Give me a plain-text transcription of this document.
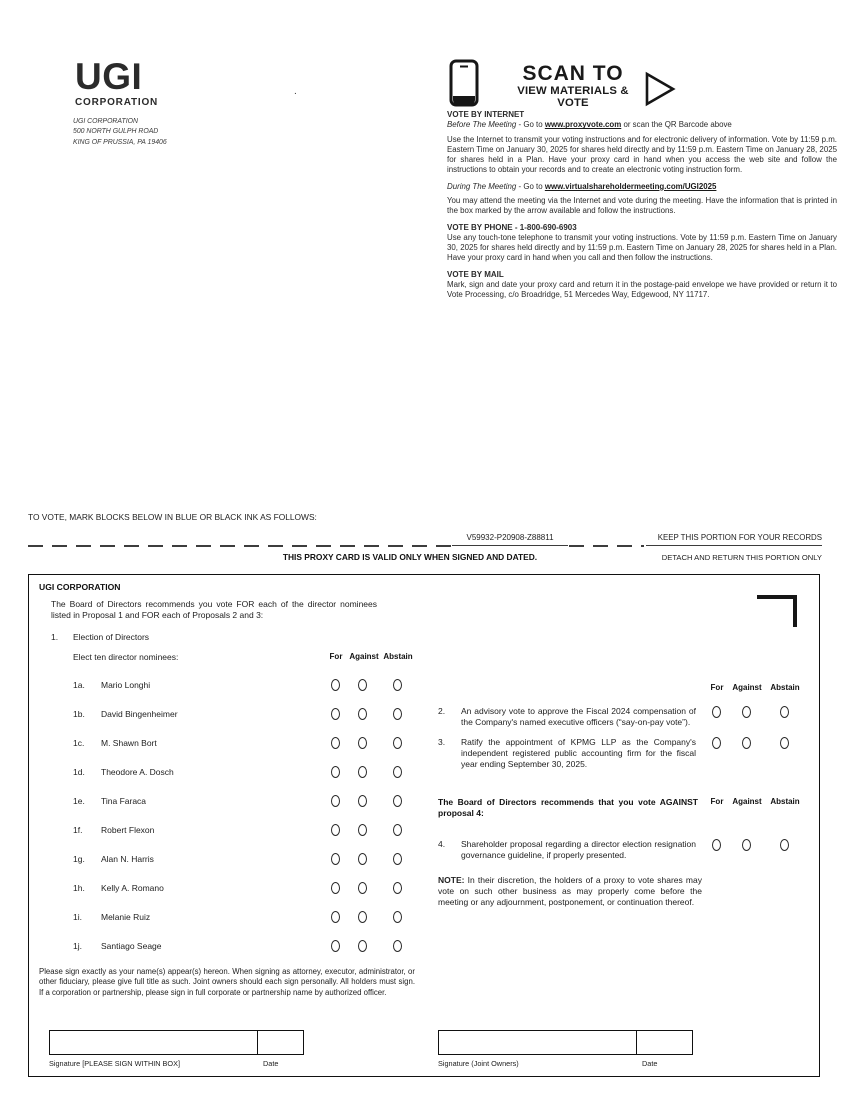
UGI
CORPORATION
UGI CORPORATION
500 NORTH GULPH ROAD
KING OF PRUSSIA, PA 19406
.
SCAN TO
VIEW MATERIALS & VOTE
VOTE BY INTERNET
Before The Meeting - Go to www.proxyvote.com or scan the QR Barcode above
Use the Internet to transmit your voting instructions and for electronic delivery of information. Vote by 11:59 p.m. Eastern Time on January 30, 2025 for shares held directly and by 11:59 p.m. Eastern Time on January 28, 2025 for shares held in a Plan. Have your proxy card in hand when you access the web site and follow the instructions to obtain your records and to create an electronic voting instruction form.
During The Meeting - Go to www.virtualshareholdermeeting.com/UGI2025
You may attend the meeting via the Internet and vote during the meeting. Have the information that is printed in the box marked by the arrow available and follow the instructions.
VOTE BY PHONE - 1-800-690-6903
Use any touch-tone telephone to transmit your voting instructions. Vote by 11:59 p.m. Eastern Time on January 30, 2025 for shares held directly and by 11:59 p.m. Eastern Time on January 28, 2025 for shares held in a Plan. Have your proxy card in hand when you call and then follow the instructions.
VOTE BY MAIL
Mark, sign and date your proxy card and return it in the postage-paid envelope we have provided or return it to Vote Processing, c/o Broadridge, 51 Mercedes Way, Edgewood, NY 11717.
TO VOTE, MARK BLOCKS BELOW IN BLUE OR BLACK INK AS FOLLOWS:
V59932-P20908-Z88811	KEEP THIS PORTION FOR YOUR RECORDS
THIS PROXY CARD IS VALID ONLY WHEN SIGNED AND DATED.	DETACH AND RETURN THIS PORTION ONLY
UGI CORPORATION
The Board of Directors recommends you vote FOR each of the director nominees listed in Proposal 1 and FOR each of Proposals 2 and 3:
1. Election of Directors
Elect ten director nominees:	For Against Abstain
1a. Mario Longhi
1b. David Bingenheimer
1c. M. Shawn Bort
1d. Theodore A. Dosch
1e. Tina Faraca
1f. Robert Flexon
1g. Alan N. Harris
1h. Kelly A. Romano
1i. Melanie Ruiz
1j. Santiago Seage
For	Against Abstain
2.	An advisory vote to approve the Fiscal 2024 compensation of the Company's named executive officers (“say-on-pay vote”).
3.	Ratify the appointment of KPMG LLP as the Company's independent registered public accounting firm for the fiscal year ending September 30, 2025.
The Board of Directors recommends that you vote AGAINST proposal 4:
For	Against Abstain
4.	Shareholder proposal regarding a director election resignation governance guideline, if properly presented.
NOTE: In their discretion, the holders of a proxy to vote shares may vote on such other business as may properly come before the meeting or any adjournment, postponement, or continuation thereof.
Please sign exactly as your name(s) appear(s) hereon. When signing as attorney, executor, administrator, or other fiduciary, please give full title as such. Joint owners should each sign personally. All holders must sign. If a corporation or partnership, please sign in full corporate or partnership name by authorized officer.
Signature [PLEASE SIGN WITHIN BOX]	Date	Signature (Joint Owners)	Date
